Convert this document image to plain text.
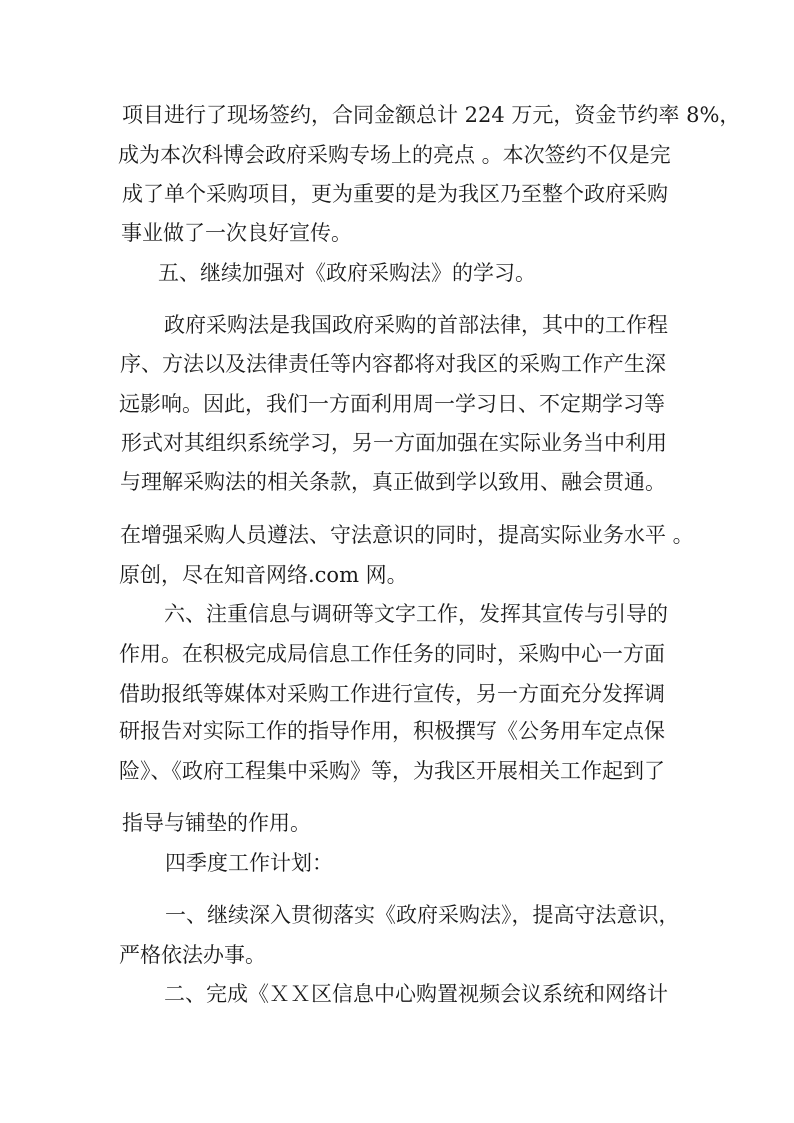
项目进行了现场签约，合同金额总计 224 万元，资金节约率 8%，
成为本次科博会政府采购专场上的亮点 。本次签约不仅是完
成了单个采购项目，更为重要的是为我区乃至整个政府采购
事业做了一次良好宣传。
五、继续加强对《政府采购法》的学习。
政府采购法是我国政府采购的首部法律，其中的工作程
序、方法以及法律责任等内容都将对我区的采购工作产生深
远影响。因此，我们一方面利用周一学习日、不定期学习等
形式对其组织系统学习，另一方面加强在实际业务当中利用
与理解采购法的相关条款，真正做到学以致用、融会贯通。
在增强采购人员遵法、守法意识的同时，提高实际业务水平 。
原创，尽在知音网络.com 网。
六、注重信息与调研等文字工作，发挥其宣传与引导的
作用。在积极完成局信息工作任务的同时，采购中心一方面
借助报纸等媒体对采购工作进行宣传，另一方面充分发挥调
研报告对实际工作的指导作用，积极撰写《公务用车定点保
险》、《政府工程集中采购》等，为我区开展相关工作起到了
指导与铺垫的作用。
四季度工作计划：
一、继续深入贯彻落实《政府采购法》，提高守法意识，
严格依法办事。
二、完成《ＸＸ区信息中心购置视频会议系统和网络计
